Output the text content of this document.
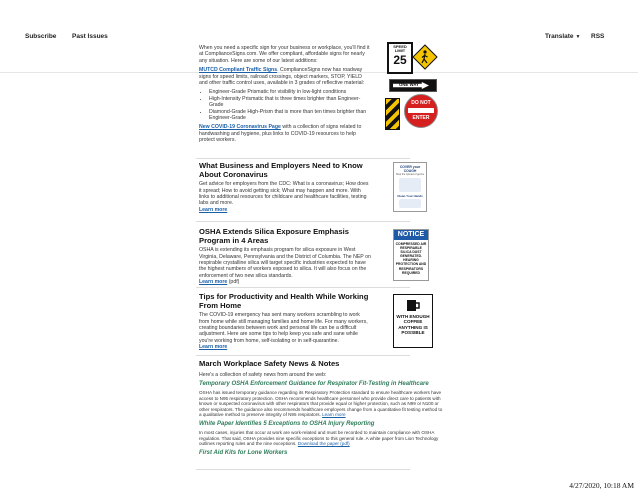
Subscribe Past Issues	Translate ▼ RSS

When you need a specific sign for your business or workplace, you'll find it at ComplianceSigns.com. We offer compliant, affordable signs for nearly any situation. Here are some of our latest additions:

MUTCD Compliant Traffic Signs. ComplianceSigns now has roadway signs for speed limits, railroad crossings, object markers, STOP, YIELD and other traffic control uses, available in 3 grades of reflective material:

• Engineer-Grade Prismatic for visibility in low-light conditions
• High-Intensity Prismatic that is three times brighter than Engineer-Grade
• Diamond-Grade High-Prism that is more than ten times brighter than Engineer-Grade

New COVID-19 Coronavirus Page with a collection of signs related to handwashing and hygiene, plus links to COVID-19 resources to help protect workers.

SPEED
LIMIT
25
ONE WAY
DO NOT
ENTER

What Business and Employers Need to Know About Coronavirus

Get advice for employers from the CDC: What is a coronavirus; How does it spread; How to avoid getting sick; What may happen and more. With links to additional resources for childcare and healthcare facilities, testing labs and more.
Learn more

COVER your COUGH
Stop the spread of germs
Clean Your Hands

OSHA Extends Silica Exposure Emphasis Program in 4 Areas

OSHA is extending its emphasis program for silica exposure in West Virginia, Delaware, Pennsylvania and the District of Columbia. The NEP on respirable crystalline silica will target specific industries expected to have the highest numbers of workers exposed to silica. It will also focus on the enforcement of two new silica standards.
Learn more (pdf)

NOTICE
COMPRESSED AIR RESPIRABLE SILICA DUST GENERATED. HEARING PROTECTION AND RESPIRATORS REQUIRED

Tips for Productivity and Health While Working From Home

The COVID-19 emergency has sent many workers scrambling to work from home while still managing families and home life. For many workers, creating boundaries between work and personal life can be a difficult adjustment. Here are some tips to help keep you safe and sane while you're working from home, self-isolating or in self-quarantine.
Learn more

WITH ENOUGH COFFEE ANYTHING IS POSSIBLE

March Workplace Safety News & Notes

Here's a collection of safety news from around the web:

Temporary OSHA Enforcement Guidance for Respirator Fit-Testing in Healthcare

OSHA has issued temporary guidance regarding its Respiratory Protection standard to ensure healthcare workers have access to N95 respiratory protection. OSHA recommends healthcare personnel who provide direct care to patients with known or suspected coronavirus with other respirators that provide equal or higher protection, such as N99 or N100 or other respirators. The guidance also recommends healthcare employers change from a quantitative fit testing method to a qualitative method to preserve integrity of N95 respirators. Learn more

White Paper Identifies 5 Exceptions to OSHA Injury Reporting

In most cases, injuries that occur at work are work-related and must be recorded to maintain compliance with OSHA regulation. That said, OSHA provides nine specific exceptions to this general rule. A white paper from Lion Technology outlines reporting rules and the nine exceptions. Download the paper (pdf)

First Aid Kits for Lone Workers

4/27/2020, 10:18 AM
